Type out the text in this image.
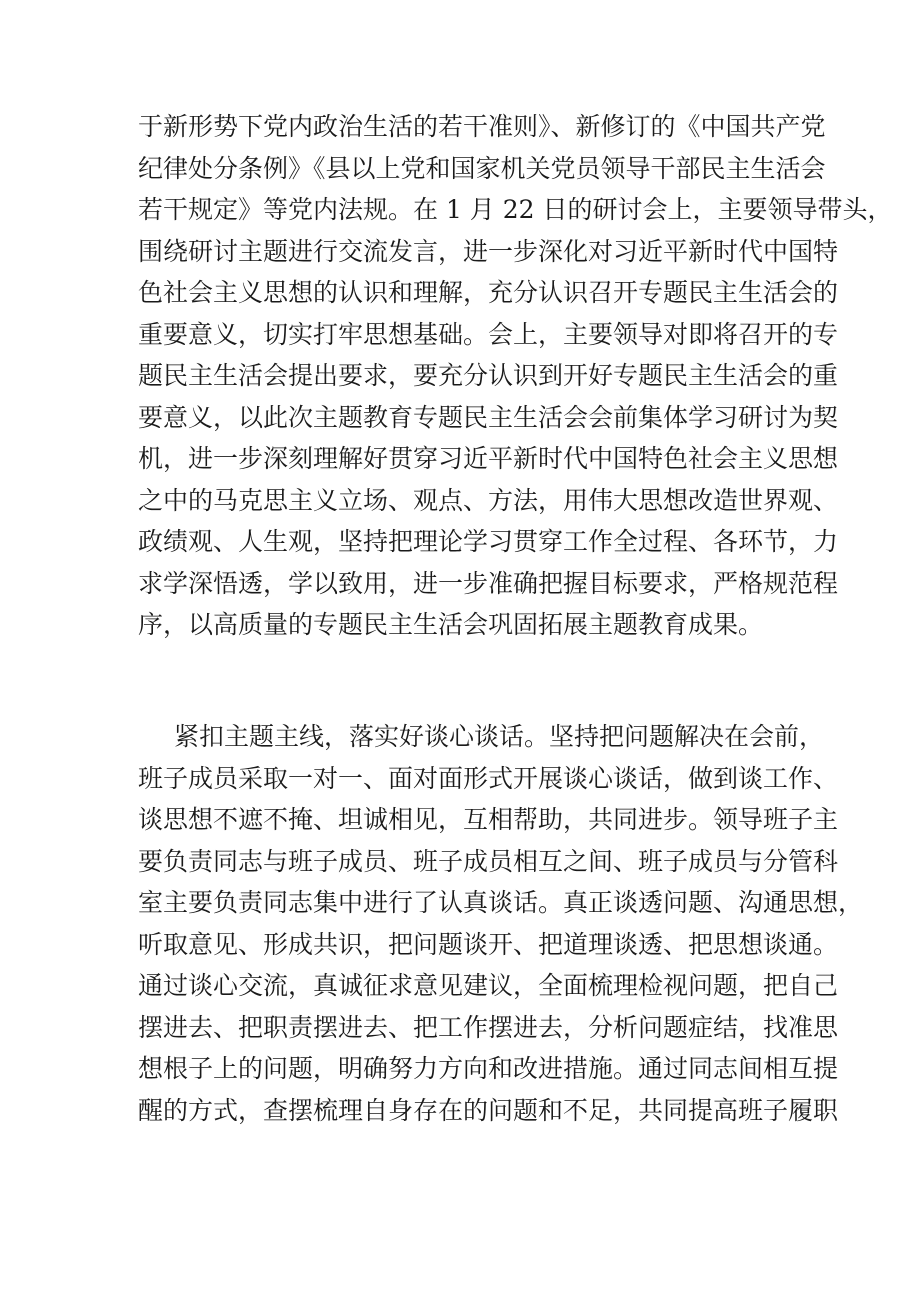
于新形势下党内政治生活的若干准则》、新修订的《中国共产党
纪律处分条例》《县以上党和国家机关党员领导干部民主生活会
若干规定》等党内法规。在 1 月 22 日的研讨会上，主要领导带头，
围绕研讨主题进行交流发言，进一步深化对习近平新时代中国特
色社会主义思想的认识和理解，充分认识召开专题民主生活会的
重要意义，切实打牢思想基础。会上，主要领导对即将召开的专
题民主生活会提出要求，要充分认识到开好专题民主生活会的重
要意义，以此次主题教育专题民主生活会会前集体学习研讨为契
机，进一步深刻理解好贯穿习近平新时代中国特色社会主义思想
之中的马克思主义立场、观点、方法，用伟大思想改造世界观、
政绩观、人生观，坚持把理论学习贯穿工作全过程、各环节，力
求学深悟透，学以致用，进一步准确把握目标要求，严格规范程
序，以高质量的专题民主生活会巩固拓展主题教育成果。
紧扣主题主线，落实好谈心谈话。坚持把问题解决在会前，
班子成员采取一对一、面对面形式开展谈心谈话，做到谈工作、
谈思想不遮不掩、坦诚相见，互相帮助，共同进步。领导班子主
要负责同志与班子成员、班子成员相互之间、班子成员与分管科
室主要负责同志集中进行了认真谈话。真正谈透问题、沟通思想，
听取意见、形成共识，把问题谈开、把道理谈透、把思想谈通。
通过谈心交流，真诚征求意见建议，全面梳理检视问题，把自己
摆进去、把职责摆进去、把工作摆进去，分析问题症结，找准思
想根子上的问题，明确努力方向和改进措施。通过同志间相互提
醒的方式，查摆梳理自身存在的问题和不足，共同提高班子履职
